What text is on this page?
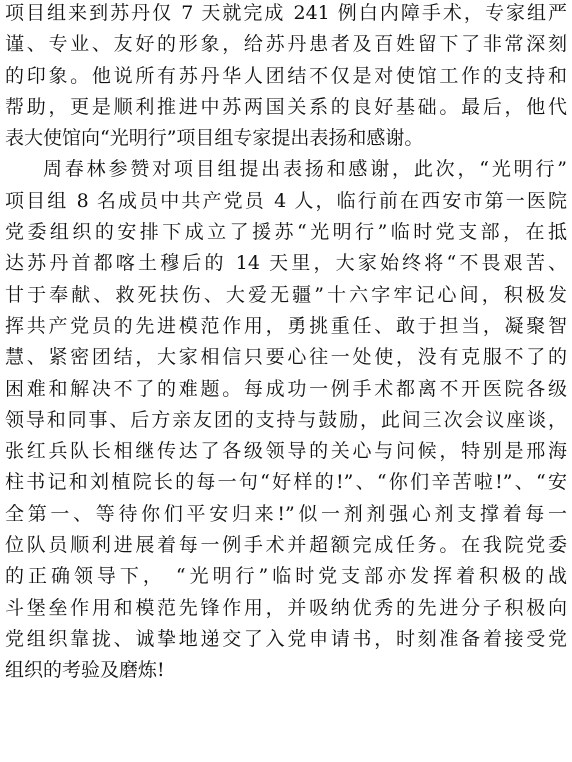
项目组来到苏丹仅 7 天就完成 241 例白内障手术，专家组严
谨、专业、友好的形象，给苏丹患者及百姓留下了非常深刻
的印象。他说所有苏丹华人团结不仅是对使馆工作的支持和
帮助，更是顺利推进中苏两国关系的良好基础。最后，他代
表大使馆向“光明行”项目组专家提出表扬和感谢。
周春林参赞对项目组提出表扬和感谢，此次，“光明行”
项目组 8 名成员中共产党员 4 人，临行前在西安市第一医院
党委组织的安排下成立了援苏“光明行”临时党支部，在抵
达苏丹首都喀土穆后的 14 天里，大家始终将“不畏艰苦、
甘于奉献、救死扶伤、大爱无疆”十六字牢记心间，积极发
挥共产党员的先进模范作用，勇挑重任、敢于担当，凝聚智
慧、紧密团结，大家相信只要心往一处使，没有克服不了的
困难和解决不了的难题。每成功一例手术都离不开医院各级
领导和同事、后方亲友团的支持与鼓励，此间三次会议座谈，
张红兵队长相继传达了各级领导的关心与问候，特别是邢海
柱书记和刘植院长的每一句“好样的!”、“你们辛苦啦!”、“安
全第一、等待你们平安归来!”似一剂剂强心剂支撑着每一
位队员顺利进展着每一例手术并超额完成任务。在我院党委
的正确领导下， “光明行”临时党支部亦发挥着积极的战
斗堡垒作用和模范先锋作用，并吸纳优秀的先进分子积极向
党组织靠拢、诚挚地递交了入党申请书，时刻准备着接受党
组织的考验及磨炼!
